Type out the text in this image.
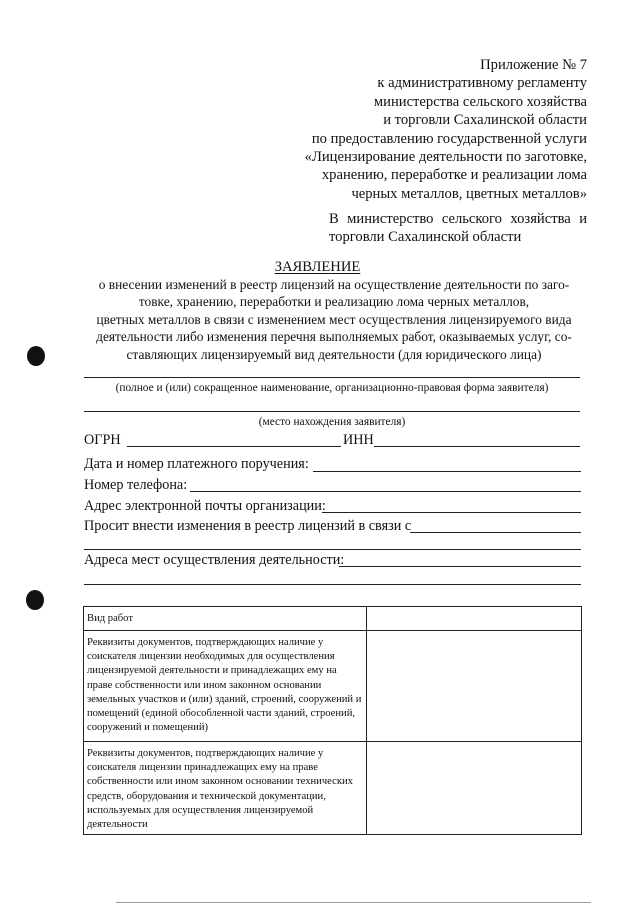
Приложение № 7
к административному регламенту
министерства сельского хозяйства
и торговли Сахалинской области
по предоставлению государственной услуги
«Лицензирование деятельности по заготовке,
хранению, переработке и реализации лома
черных металлов, цветных металлов»
В министерство сельского хозяйства и торговли Сахалинской области
ЗАЯВЛЕНИЕ
о внесении изменений в реестр лицензий на осуществление деятельности по заго-
товке, хранению, переработки и реализацию лома черных металлов,
цветных металлов в связи с изменением мест осуществления лицензируемого вида
деятельности либо изменения перечня выполняемых работ, оказываемых услуг, со-
ставляющих лицензируемый вид деятельности (для юридического лица)
(полное и (или) сокращенное наименование, организационно-правовая форма заявителя)
(место нахождения заявителя)
ОГРН	ИНН
Дата и номер платежного поручения:
Номер телефона:
Адрес электронной почты организации:
Просит внести изменения в реестр лицензий в связи с
Адреса мест осуществления деятельности:
Вид работ	
Реквизиты документов, подтверждающих наличие у соискателя лицензии необходимых для осуществления лицензируемой деятельности и принадлежащих ему на праве собственности или ином законном основании земельных участков и (или) зданий, строений, сооружений и помещений (единой обособленной части зданий, строений, сооружений и помещений)	
Реквизиты документов, подтверждающих наличие у соискателя лицензии принадлежащих ему на праве собственности или ином законном основании технических средств, оборудования и технической документации, используемых для осуществления лицензируемой деятельности	
